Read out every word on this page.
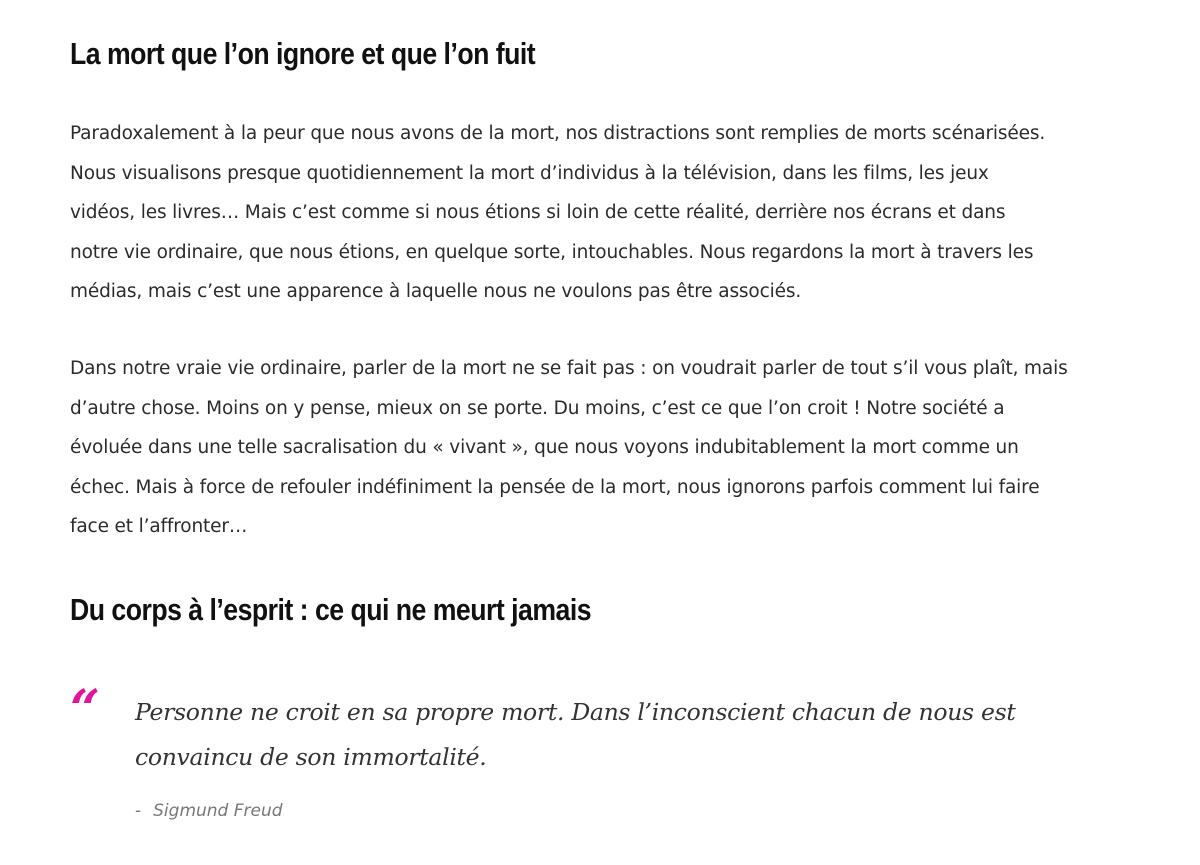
La mort que l’on ignore et que l’on fuit

Paradoxalement à la peur que nous avons de la mort, nos distractions sont remplies de morts scénarisées.
Nous visualisons presque quotidiennement la mort d’individus à la télévision, dans les films, les jeux
vidéos, les livres… Mais c’est comme si nous étions si loin de cette réalité, derrière nos écrans et dans
notre vie ordinaire, que nous étions, en quelque sorte, intouchables. Nous regardons la mort à travers les
médias, mais c’est une apparence à laquelle nous ne voulons pas être associés.

Dans notre vraie vie ordinaire, parler de la mort ne se fait pas : on voudrait parler de tout s’il vous plaît, mais
d’autre chose. Moins on y pense, mieux on se porte. Du moins, c’est ce que l’on croit ! Notre société a
évoluée dans une telle sacralisation du « vivant », que nous voyons indubitablement la mort comme un
échec. Mais à force de refouler indéfiniment la pensée de la mort, nous ignorons parfois comment lui faire
face et l’affronter…

Du corps à l’esprit : ce qui ne meurt jamais
“ Personne ne croit en sa propre mort. Dans l’inconscient chacun de nous est
convaincu de son immortalité.
- Sigmund Freud
